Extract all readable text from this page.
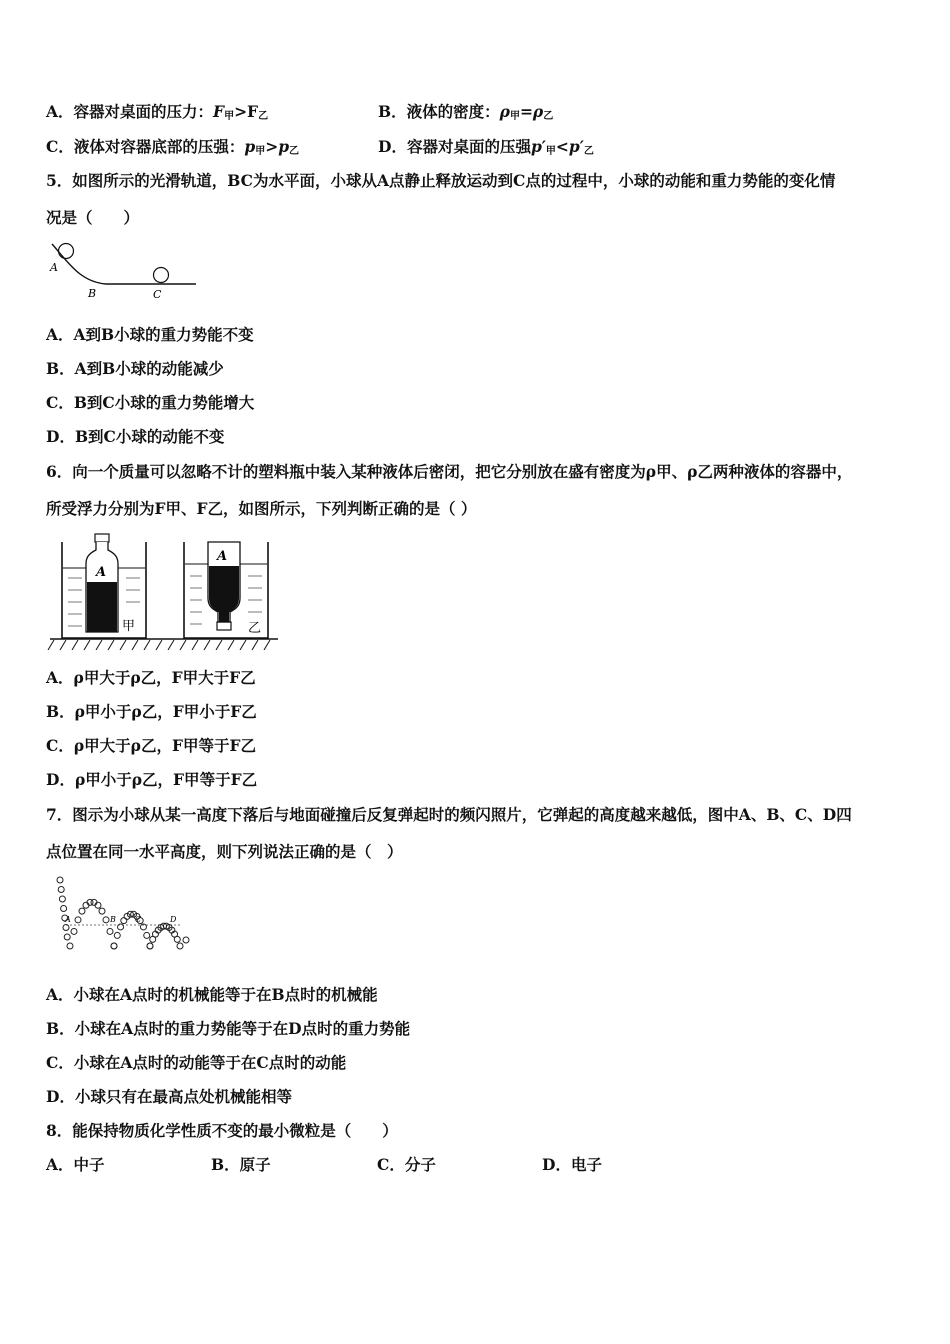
A．容器对桌面的压力：$F_甲>F_乙$	B．液体的密度：$\rho_甲=\rho_乙$
C．液体对容器底部的压强：$p_甲>p_乙$	D．容器对桌面的压强$p'_甲<p'_乙$
5．如图所示的光滑轨道，BC为水平面，小球从A点静止释放运动到C点的过程中，小球的动能和重力势能的变化情
况是（　　）
A
B	C
A．A到B小球的重力势能不变
B．A到B小球的动能减少
C．B到C小球的重力势能增大
D．B到C小球的动能不变
6．向一个质量可以忽略不计的塑料瓶中装入某种液体后密闭，把它分别放在盛有密度为ρ甲、ρ乙两种液体的容器中，
所受浮力分别为F甲、F乙，如图所示，下列判断正确的是（ ）
A
甲
A
乙
A．ρ甲大于ρ乙，F甲大于F乙
B．ρ甲小于ρ乙，F甲小于F乙
C．ρ甲大于ρ乙，F甲等于F乙
D．ρ甲小于ρ乙，F甲等于F乙
7．图示为小球从某一高度下落后与地面碰撞后反复弹起时的频闪照片，它弹起的高度越来越低，图中A、B、C、D四
点位置在同一水平高度，则下列说法正确的是（　）
A	B C	D
A．小球在A点时的机械能等于在B点时的机械能
B．小球在A点时的重力势能等于在D点时的重力势能
C．小球在A点时的动能等于在C点时的动能
D．小球只有在最高点处机械能相等
8．能保持物质化学性质不变的最小微粒是（　　）
A．中子	B．原子	C．分子	D．电子
